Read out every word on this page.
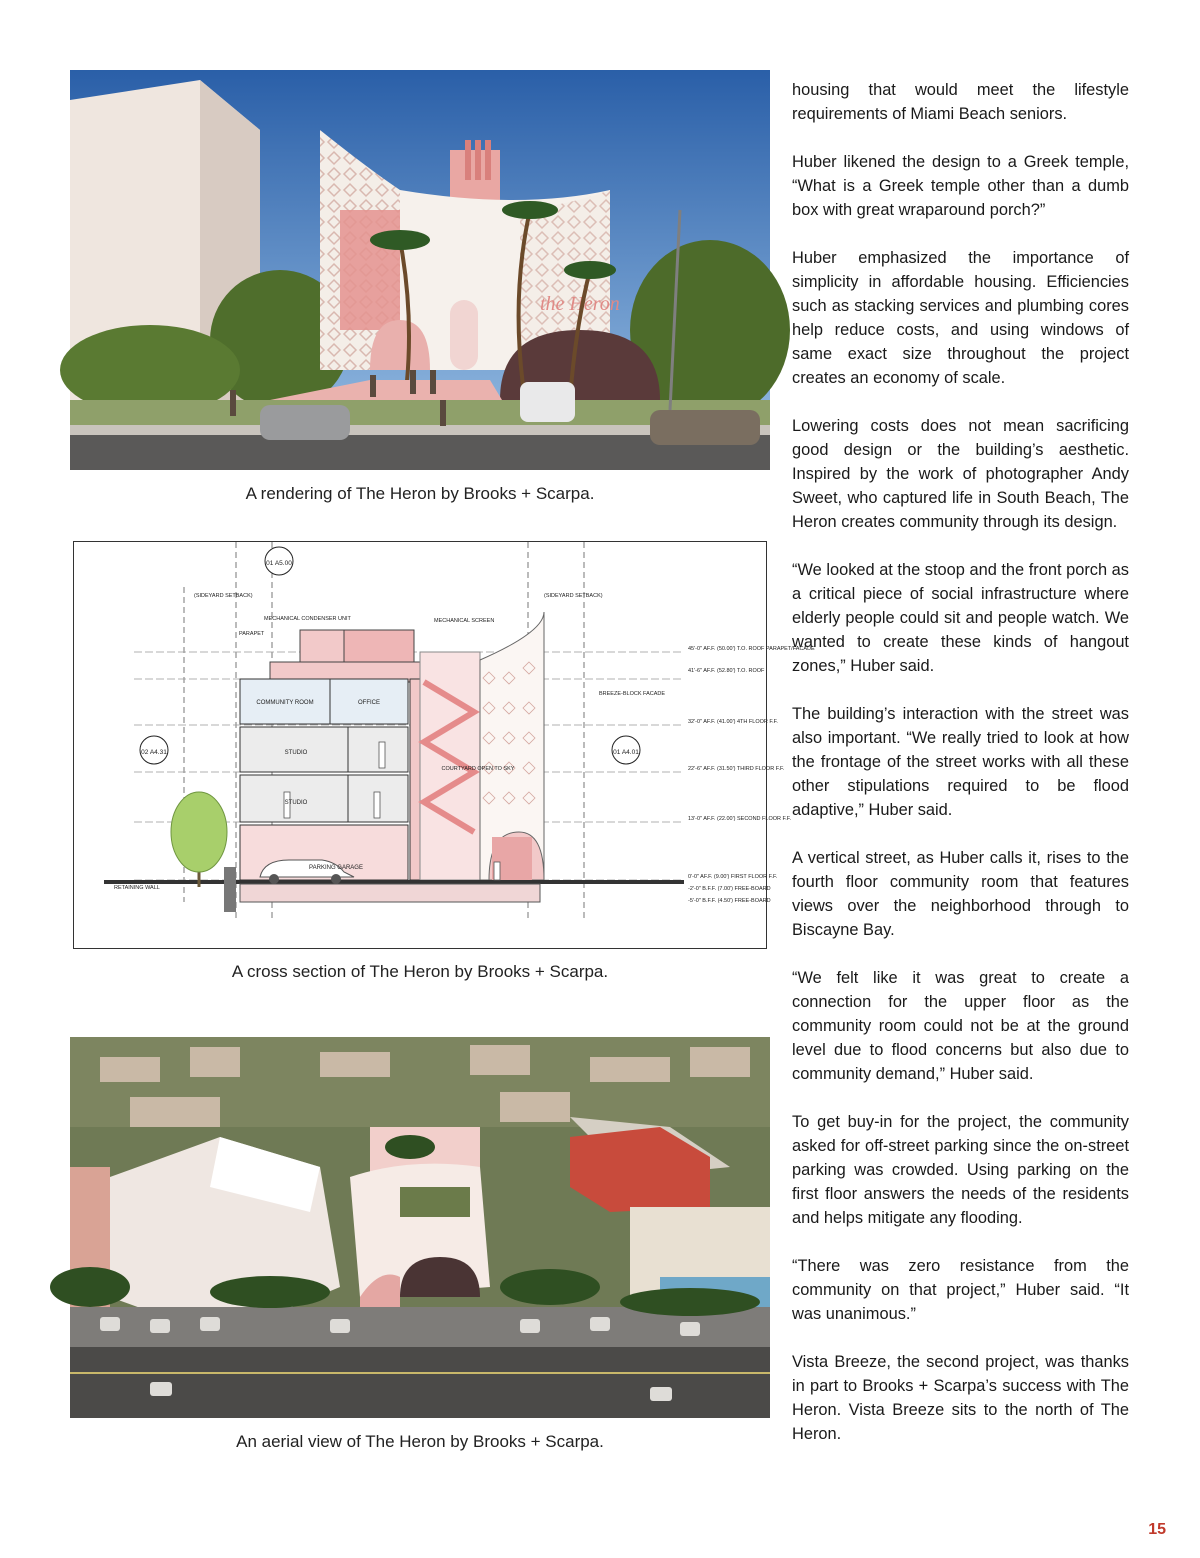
the Heron
A rendering of The Heron by Brooks + Scarpa.
01 A5.00
02 A4.31	01 A4.01
COMMUNITY ROOM	OFFICE
STUDIO
STUDIO
PARKING GARAGE
COURTYARD OPEN TO SKY
BREEZE-BLOCK FACADE
MECHANICAL SCREEN
MECHANICAL CONDENSER UNIT
PARAPET
RETAINING WALL
(SIDEYARD SETBACK)	(SIDEYARD SETBACK)
45'-0" AF.F. (50.00') T.O. ROOF PARAPET/FACADE
41'-6" AF.F. (52.80') T.O. ROOF
32'-0" AF.F. (41.00') 4TH FLOOR F.F.
22'-6" AF.F. (31.50') THIRD FLOOR F.F.
13'-0" AF.F. (22.00') SECOND FLOOR F.F.
0'-0" AF.F. (9.00') FIRST FLOOR F.F.
-2'-0" B.F.F. (7.00') FREE-BOARD
-5'-0" B.F.F. (4.50') FREE-BOARD
A cross section of The Heron by Brooks + Scarpa.
An aerial view of The Heron by Brooks + Scarpa.

housing that would meet the lifestyle requirements of Miami Beach seniors.

Huber likened the design to a Greek temple, “What is a Greek temple other than a dumb box with great wraparound porch?”

Huber emphasized the importance of simplicity in affordable housing. Efficiencies such as stacking services and plumbing cores help reduce costs, and using windows of same exact size throughout the project creates an economy of scale.

Lowering costs does not mean sacrificing good design or the building’s aesthetic. Inspired by the work of photographer Andy Sweet, who captured life in South Beach, The Heron creates community through its design.

“We looked at the stoop and the front porch as a critical piece of social infrastructure where elderly people could sit and people watch. We wanted to create these kinds of hangout zones,” Huber said.

The building’s interaction with the street was also important. “We really tried to look at how the frontage of the street works with all these other stipulations required to be flood adaptive,” Huber said.

A vertical street, as Huber calls it, rises to the fourth floor community room that features views over the neighborhood through to Biscayne Bay.

“We felt like it was great to create a connection for the upper floor as the community room could not be at the ground level due to flood concerns but also due to community demand,” Huber said.

To get buy-in for the project, the community asked for off-street parking since the on-street parking was crowded. Using parking on the first floor answers the needs of the residents and helps mitigate any flooding.

“There was zero resistance from the community on that project,” Huber said. “It was unanimous.”

Vista Breeze, the second project, was thanks in part to Brooks + Scarpa’s success with The Heron. Vista Breeze sits to the north of The Heron.

15
